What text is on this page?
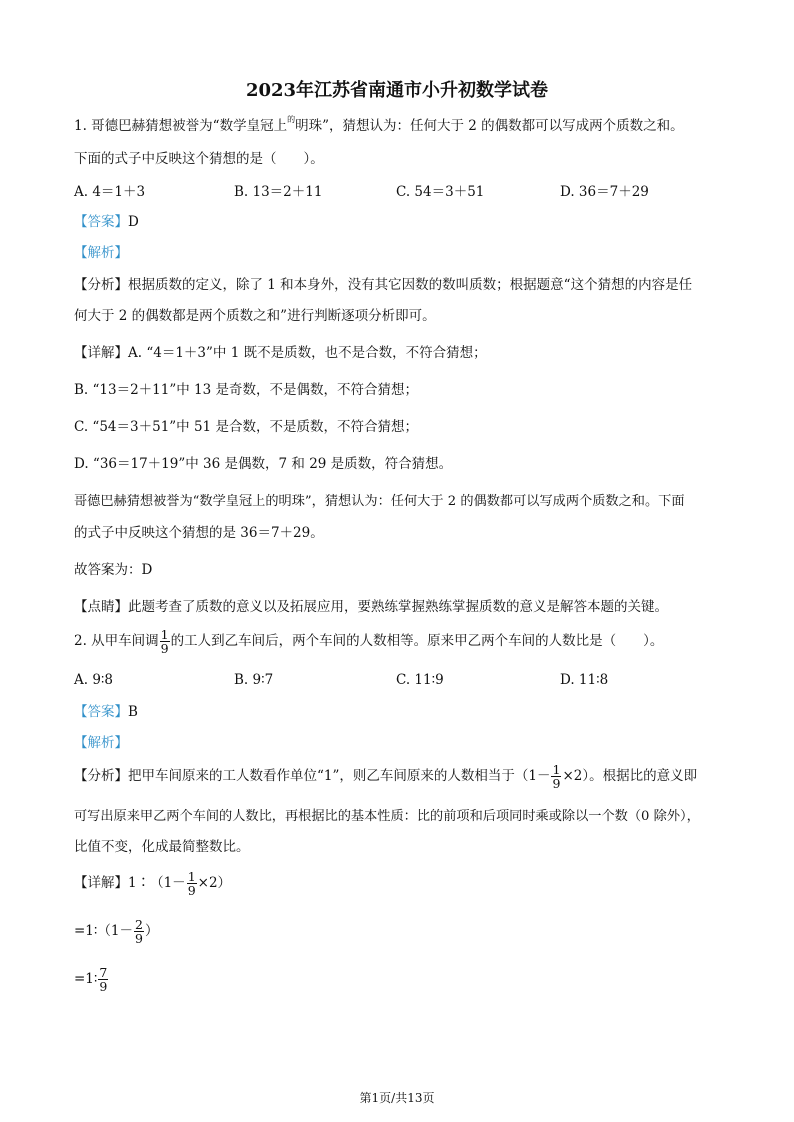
2023年江苏省南通市小升初数学试卷
1. 哥德巴赫猜想被誉为“数学皇冠上$^的$明珠”，猜想认为：任何大于 2 的偶数都可以写成两个质数之和。
下面的式子中反映这个猜想的是（　　）。
A. 4＝1＋3	B. 13＝2＋11	C. 54＝3＋51	D. 36＝7＋29
【答案】D
【解析】
【分析】根据质数的定义，除了 1 和本身外，没有其它因数的数叫质数；根据题意“这个猜想的内容是任
何大于 2 的偶数都是两个质数之和”进行判断逐项分析即可。
【详解】A. “4＝1＋3”中 1 既不是质数，也不是合数，不符合猜想；
B. “13＝2＋11”中 13 是奇数，不是偶数，不符合猜想；
C. “54＝3＋51”中 51 是合数，不是质数，不符合猜想；
D. “36＝17＋19”中 36 是偶数，7 和 29 是质数，符合猜想。
哥德巴赫猜想被誉为“数学皇冠上的明珠”，猜想认为：任何大于 2 的偶数都可以写成两个质数之和。下面
的式子中反映这个猜想的是 36＝7＋29。
故答案为：D
【点睛】此题考查了质数的意义以及拓展应用，要熟练掌握熟练掌握质数的意义是解答本题的关键。
2. 从甲车间调 $\frac{1}{9}$ 的工人到乙车间后，两个车间的人数相等。原来甲乙两个车间的人数比是（　　）。
A. 9∶8	B. 9∶7	C. 11∶9	D. 11∶8
【答案】B
【解析】
【分析】把甲车间原来的工人数看作单位“1”，则乙车间原来的人数相当于$(1- \frac{1}{9} \times 2)$。根据比的意义即
可写出原来甲乙两个车间的人数比，再根据比的基本性质：比的前项和后项同时乘或除以一个数（0 除外），
比值不变，化成最简整数比。
【详解】1∶（1－ $\frac{1}{9} \times 2$）
=1∶（1－ $\frac{2}{9}$ ）
=1∶ $\frac{7}{9}$
第1页/共13页
